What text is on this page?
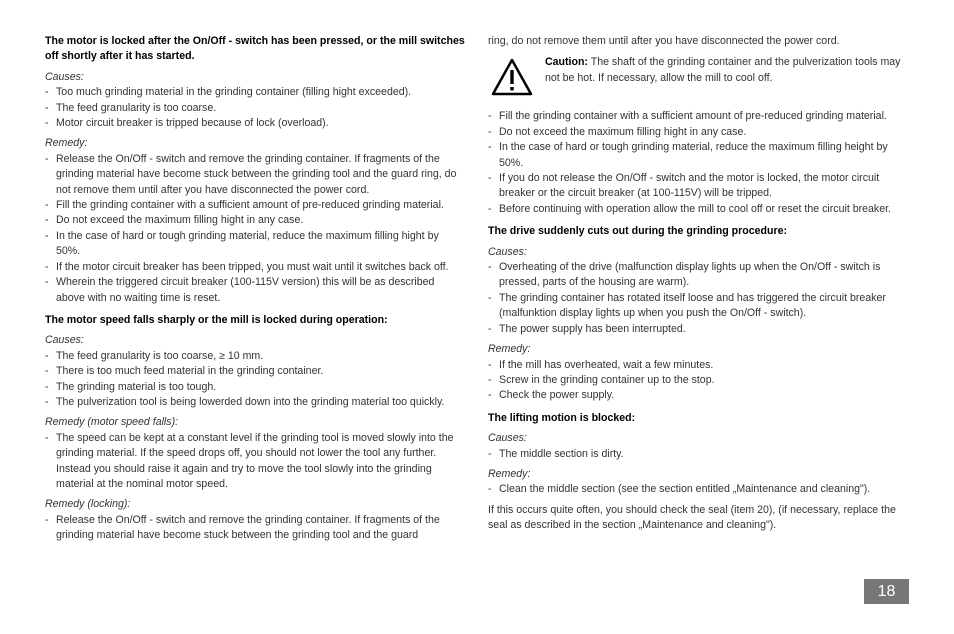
The motor is locked after the On/Off - switch has been pressed, or the mill switches off shortly after it has started.

Causes:

- Too much grinding material in the grinding container (filling hight exceeded).
- The feed granularity is too coarse.
- Motor circuit breaker is tripped because of lock (overload).

Remedy:

- Release the On/Off - switch and remove the grinding container. If fragments of the grinding material have become stuck between the grinding tool and the guard ring, do not remove them until after you have disconnected the power cord.
- Fill the grinding container with a sufficient amount of pre-reduced grinding material.
- Do not exceed the maximum filling hight in any case.
- In the case of hard or tough grinding material, reduce the maximum filling hight by 50%.
- If the motor circuit breaker has been tripped, you must wait until it switches back off.
- Wherein the triggered circuit breaker (100-115V version) this will be as described above with no waiting time is reset.

The motor speed falls sharply or the mill is locked during operation:

Causes:

- The feed granularity is too coarse, ≥ 10 mm.
- There is too much feed material in the grinding container.
- The grinding material is too tough.
- The pulverization tool is being lowerded down into the grinding material too quickly.

Remedy (motor speed falls):

- The speed can be kept at a constant level if the grinding tool is moved slowly into the grinding material. If the speed drops off, you should not lower the tool any further. Instead you should raise it again and try to move the tool slowly into the grinding material at the nominal motor speed.

Remedy (locking):

- Release the On/Off - switch and remove the grinding container. If fragments of the grinding material have become stuck between the grinding tool and the guard

ring, do not remove them until after you have disconnected the power cord.

Caution: The shaft of the grinding container and the pulverization tools may not be hot. If necessary, allow the mill to cool off.

- Fill the grinding container with a sufficient amount of pre-reduced grinding material.
- Do not exceed the maximum filling hight in any case.
- In the case of hard or tough grinding material, reduce the maximum filling height by 50%.
- If you do not release the On/Off - switch and the motor is locked, the motor circuit breaker or the circuit breaker (at 100-115V) will be tripped.
- Before continuing with operation allow the mill to cool off or reset the circuit breaker.

The drive suddenly cuts out during the grinding procedure:

Causes:

- Overheating of the drive (malfunction display lights up when the On/Off - switch is pressed, parts of the housing are warm).
- The grinding container has rotated itself loose and has triggered the circuit breaker (malfunktion display lights up when you push the On/Off - switch).
- The power supply has been interrupted.

Remedy:

- If the mill has overheated, wait a few minutes.
- Screw in the grinding container up to the stop.
- Check the power supply.

The lifting motion is blocked:

Causes:

- The middle section is dirty.

Remedy:

- Clean the middle section (see the section entitled „Maintenance and cleaning").

If this occurs quite often, you should check the seal (item 20), (if necessary, replace the seal as described in the section „Maintenance and cleaning").

18
